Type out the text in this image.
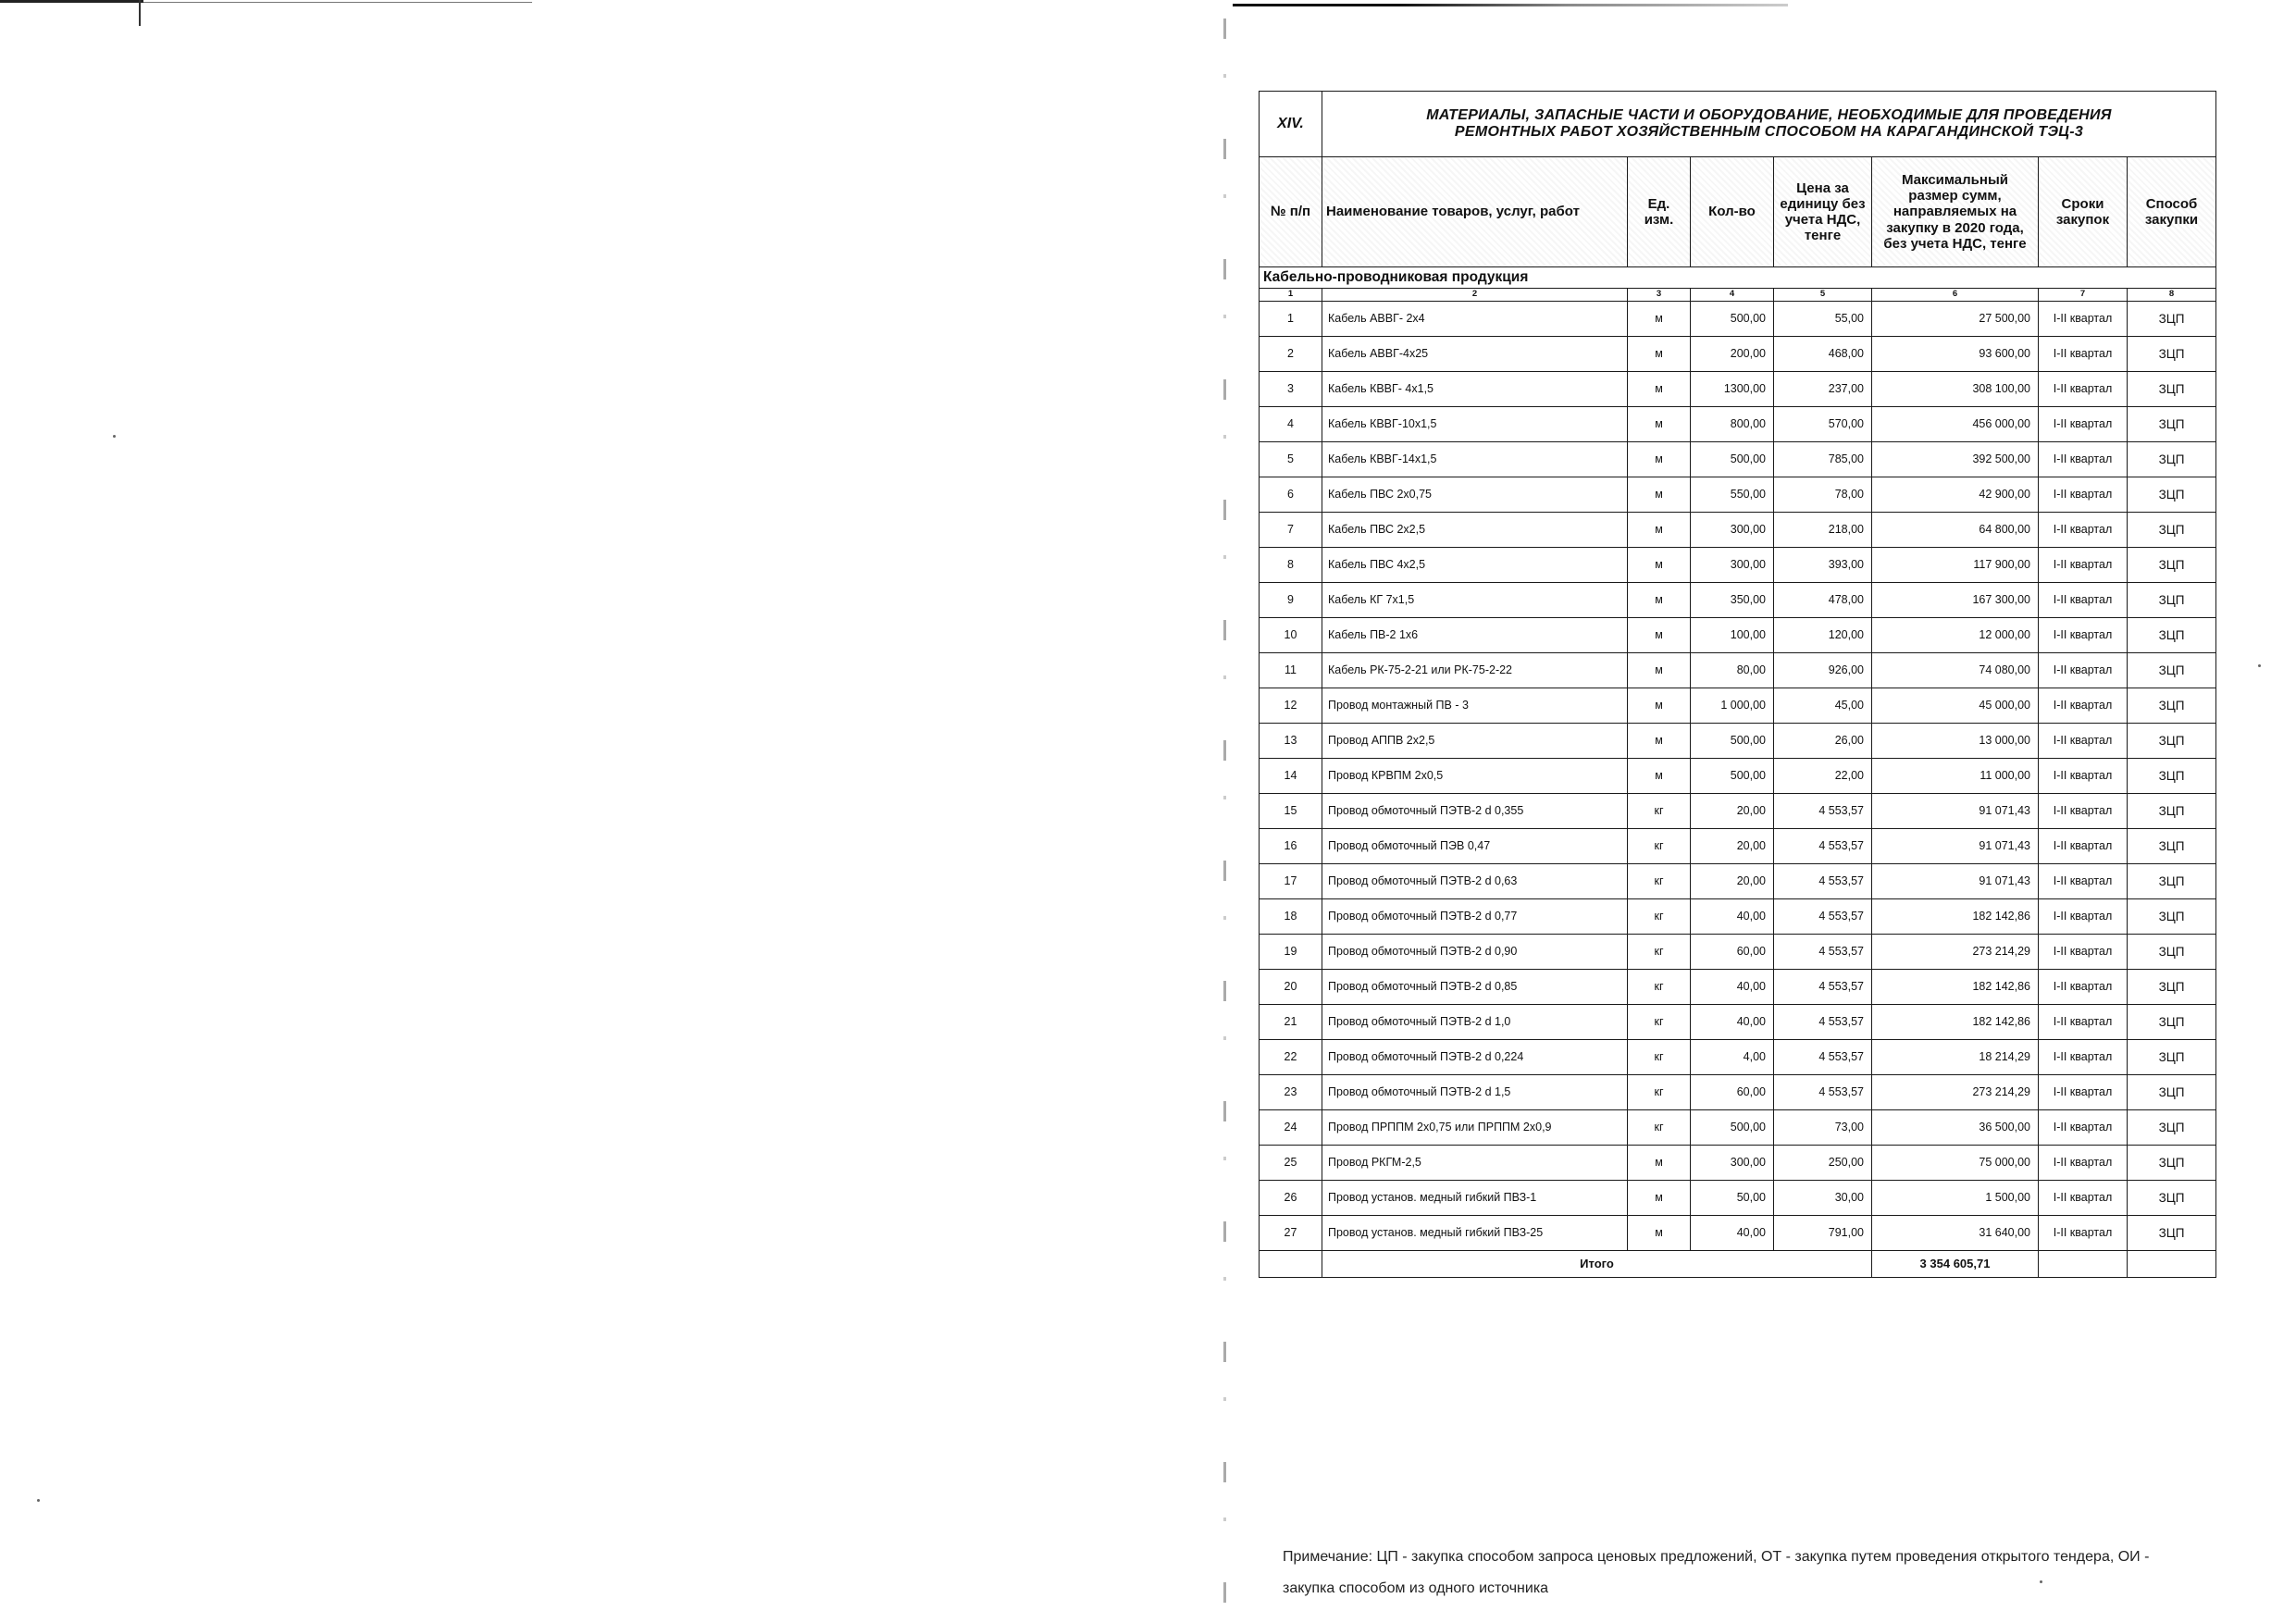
XIV.	МАТЕРИАЛЫ, ЗАПАСНЫЕ ЧАСТИ И ОБОРУДОВАНИЕ, НЕОБХОДИМЫЕ ДЛЯ ПРОВЕДЕНИЯ
РЕМОНТНЫХ РАБОТ ХОЗЯЙСТВЕННЫМ СПОСОБОМ НА КАРАГАНДИНСКОЙ ТЭЦ-3						

№ п/п	Наименование товаров, услуг, работ	Ед. изм.	Кол-во	Цена за единицу без учета НДС, тенге	Максимальный размер сумм, направляемых на закупку в 2020 года, без учета НДС, тенге	Сроки закупок	Способ закупки
Кабельно-проводниковая продукция							
1	2	3	4	5	6	7	8
1	Кабель АВВГ- 2х4	м	500,00	55,00	27 500,00	I-II квартал	ЗЦП
2	Кабель АВВГ-4х25	м	200,00	468,00	93 600,00	I-II квартал	ЗЦП
3	Кабель КВВГ- 4х1,5	м	1300,00	237,00	308 100,00	I-II квартал	ЗЦП
4	Кабель КВВГ-10х1,5	м	800,00	570,00	456 000,00	I-II квартал	ЗЦП
5	Кабель КВВГ-14х1,5	м	500,00	785,00	392 500,00	I-II квартал	ЗЦП
6	Кабель ПВС 2х0,75	м	550,00	78,00	42 900,00	I-II квартал	ЗЦП
7	Кабель ПВС 2х2,5	м	300,00	218,00	64 800,00	I-II квартал	ЗЦП
8	Кабель ПВС 4х2,5	м	300,00	393,00	117 900,00	I-II квартал	ЗЦП
9	Кабель КГ 7х1,5	м	350,00	478,00	167 300,00	I-II квартал	ЗЦП
10	Кабель ПВ-2 1х6	м	100,00	120,00	12 000,00	I-II квартал	ЗЦП
11	Кабель РК-75-2-21 или РК-75-2-22	м	80,00	926,00	74 080,00	I-II квартал	ЗЦП
12	Провод монтажный ПВ - 3	м	1 000,00	45,00	45 000,00	I-II квартал	ЗЦП
13	Провод АППВ 2х2,5	м	500,00	26,00	13 000,00	I-II квартал	ЗЦП
14	Провод КРВПМ 2х0,5	м	500,00	22,00	11 000,00	I-II квартал	ЗЦП
15	Провод обмоточный ПЭТВ-2 d 0,355	кг	20,00	4 553,57	91 071,43	I-II квартал	ЗЦП
16	Провод обмоточный ПЭВ 0,47	кг	20,00	4 553,57	91 071,43	I-II квартал	ЗЦП
17	Провод обмоточный ПЭТВ-2 d 0,63	кг	20,00	4 553,57	91 071,43	I-II квартал	ЗЦП
18	Провод обмоточный ПЭТВ-2 d 0,77	кг	40,00	4 553,57	182 142,86	I-II квартал	ЗЦП
19	Провод обмоточный ПЭТВ-2 d 0,90	кг	60,00	4 553,57	273 214,29	I-II квартал	ЗЦП
20	Провод обмоточный ПЭТВ-2 d 0,85	кг	40,00	4 553,57	182 142,86	I-II квартал	ЗЦП
21	Провод обмоточный ПЭТВ-2 d 1,0	кг	40,00	4 553,57	182 142,86	I-II квартал	ЗЦП
22	Провод обмоточный ПЭТВ-2 d 0,224	кг	4,00	4 553,57	18 214,29	I-II квартал	ЗЦП
23	Провод обмоточный ПЭТВ-2 d 1,5	кг	60,00	4 553,57	273 214,29	I-II квартал	ЗЦП
24	Провод ПРППМ 2х0,75 или ПРППМ 2х0,9	кг	500,00	73,00	36 500,00	I-II квартал	ЗЦП
25	Провод РКГМ-2,5	м	300,00	250,00	75 000,00	I-II квартал	ЗЦП
26	Провод установ. медный гибкий ПВЗ-1	м	50,00	30,00	1 500,00	I-II квартал	ЗЦП
27	Провод установ. медный гибкий ПВЗ-25	м	40,00	791,00	31 640,00	I-II квартал	ЗЦП
	Итого				3 354 605,71		
Примечание: ЦП - закупка способом запроса ценовых предложений, ОТ - закупка путем проведения открытого тендера, ОИ -
закупка способом из одного источника
